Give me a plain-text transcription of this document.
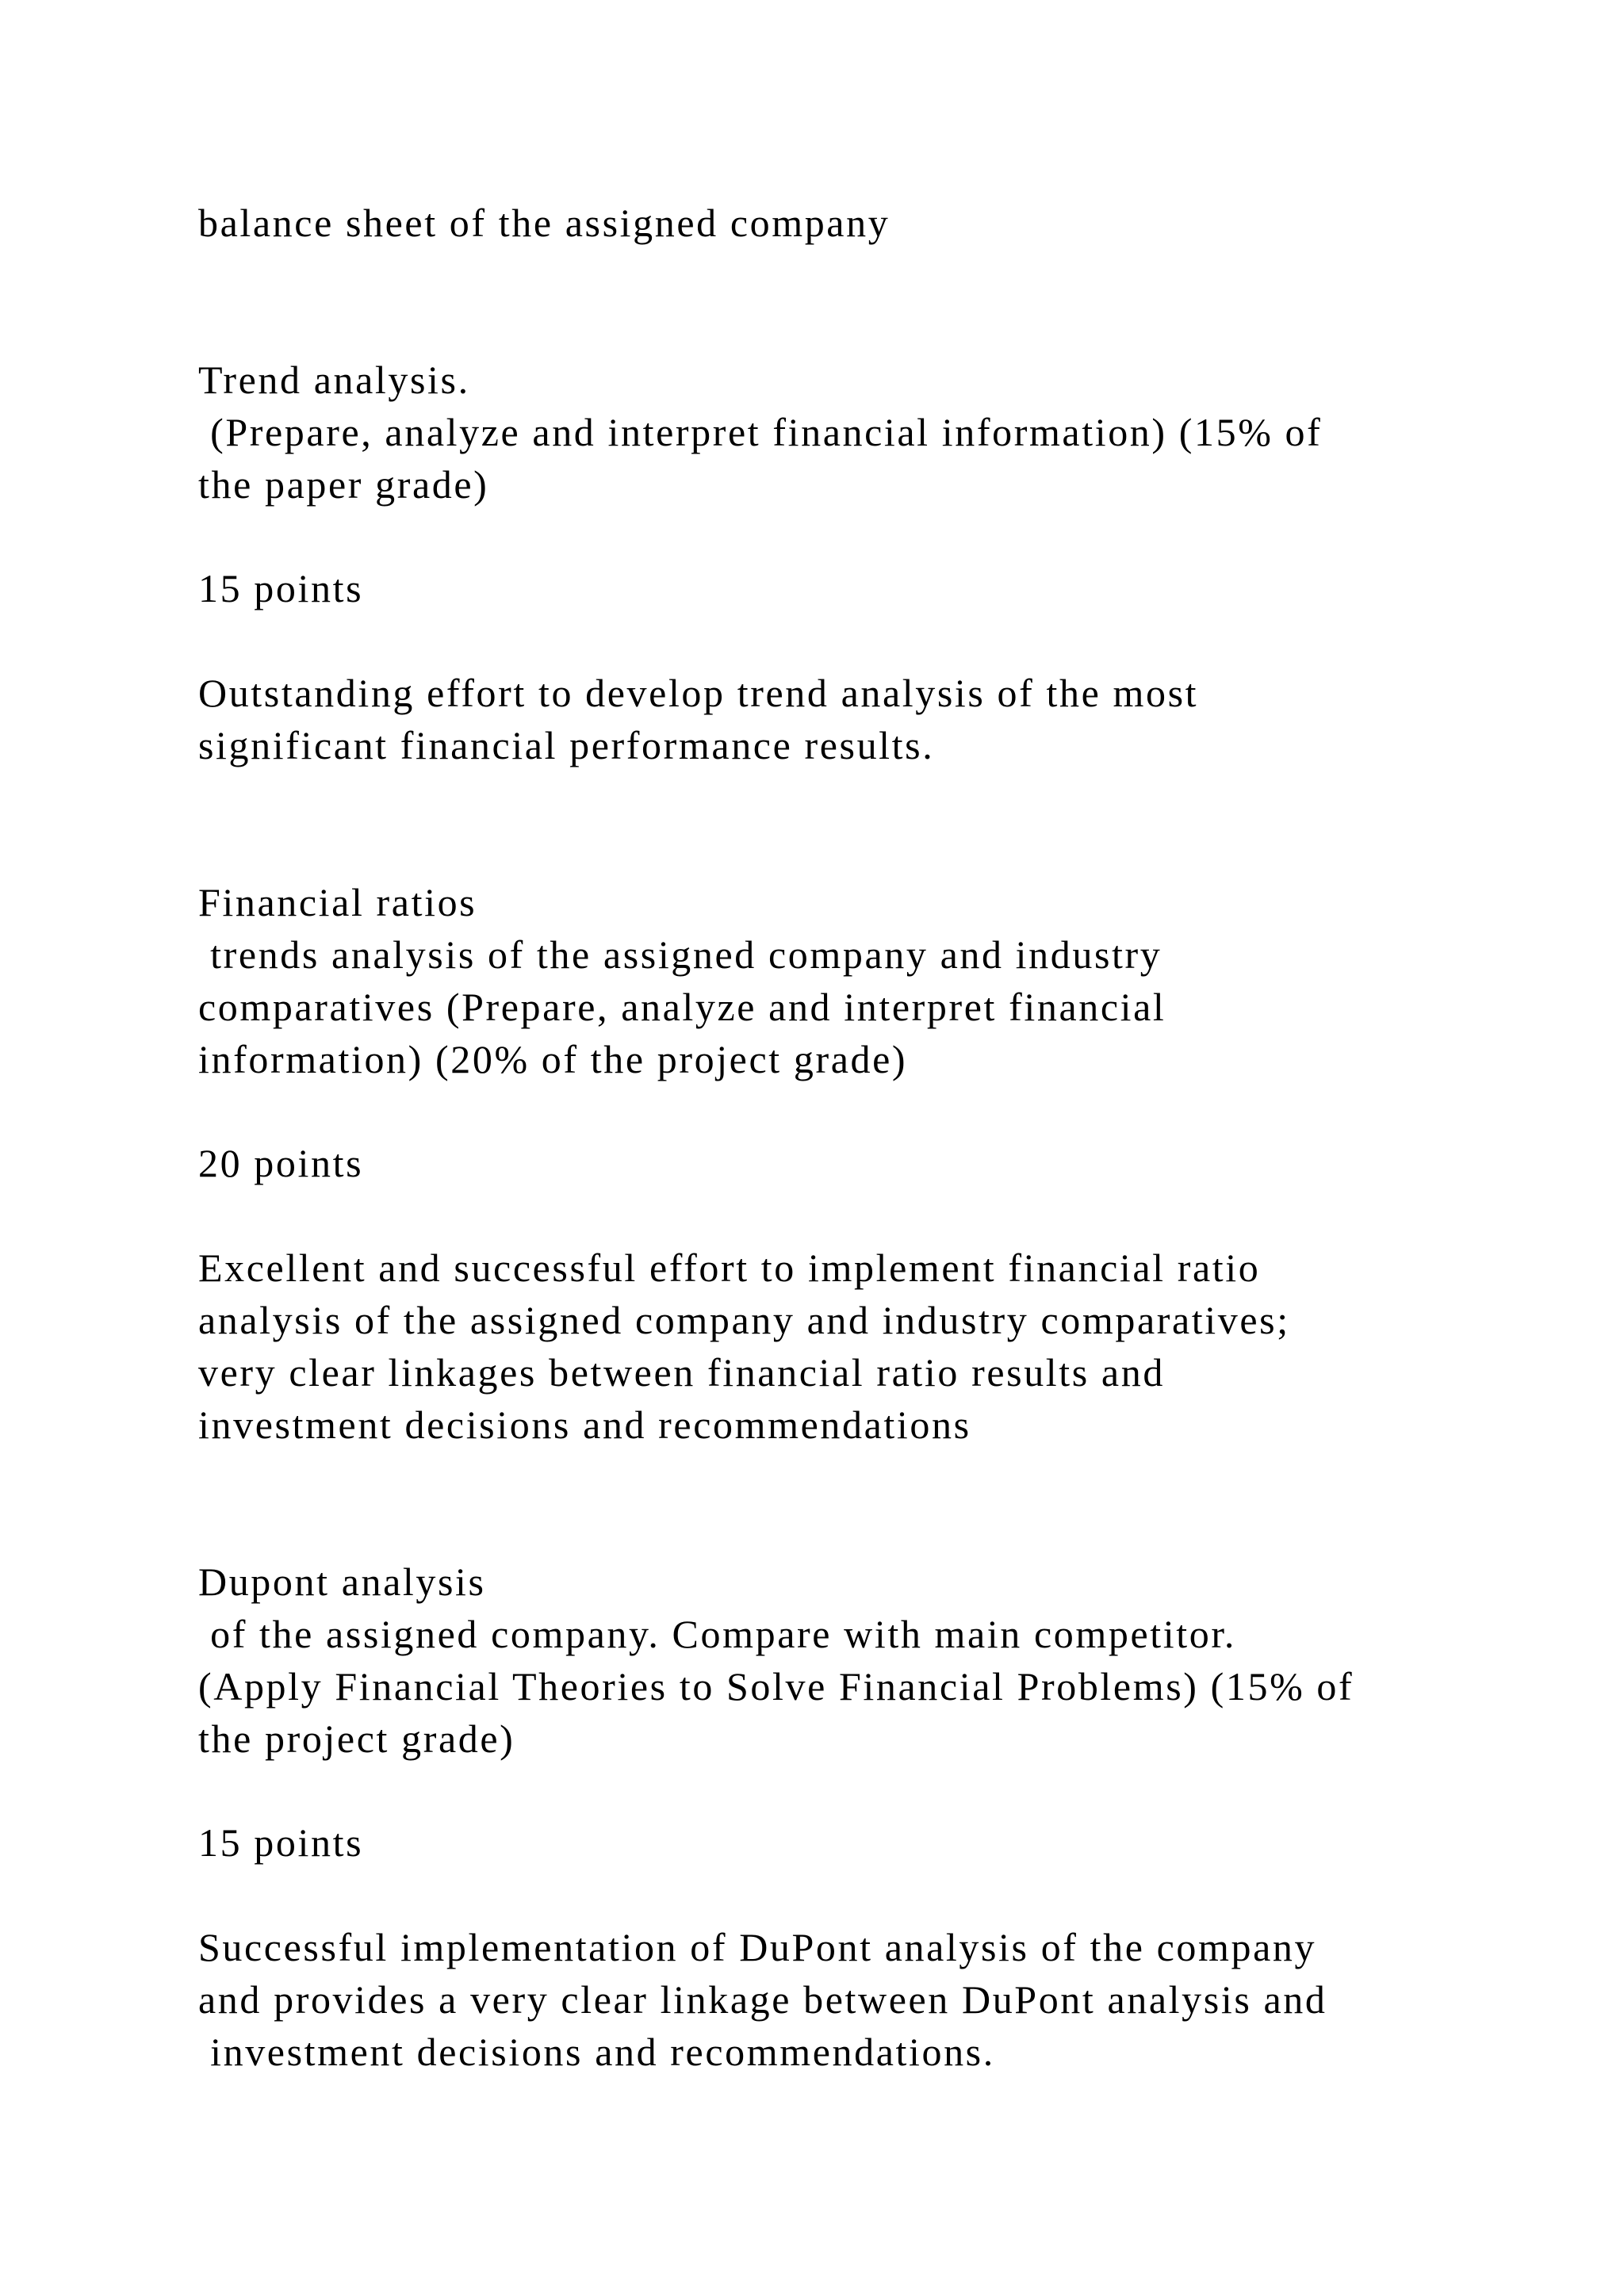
balance sheet of the assigned company

Trend analysis.

(Prepare, analyze and interpret financial information) (15% of

the paper grade)

15 points

Outstanding effort to develop trend analysis of the most

significant financial performance results.

Financial ratios

trends analysis of the assigned company and industry

comparatives (Prepare, analyze and interpret financial

information) (20% of the project grade)

20 points

Excellent and successful effort to implement financial ratio

analysis of the assigned company and industry comparatives;

very clear linkages between financial ratio results and

investment decisions and recommendations

Dupont analysis

of the assigned company. Compare with main competitor.

(Apply Financial Theories to Solve Financial Problems) (15% of

the project grade)

15 points

Successful implementation of DuPont analysis of the company

and provides a very clear linkage between DuPont analysis and

investment decisions and recommendations.
